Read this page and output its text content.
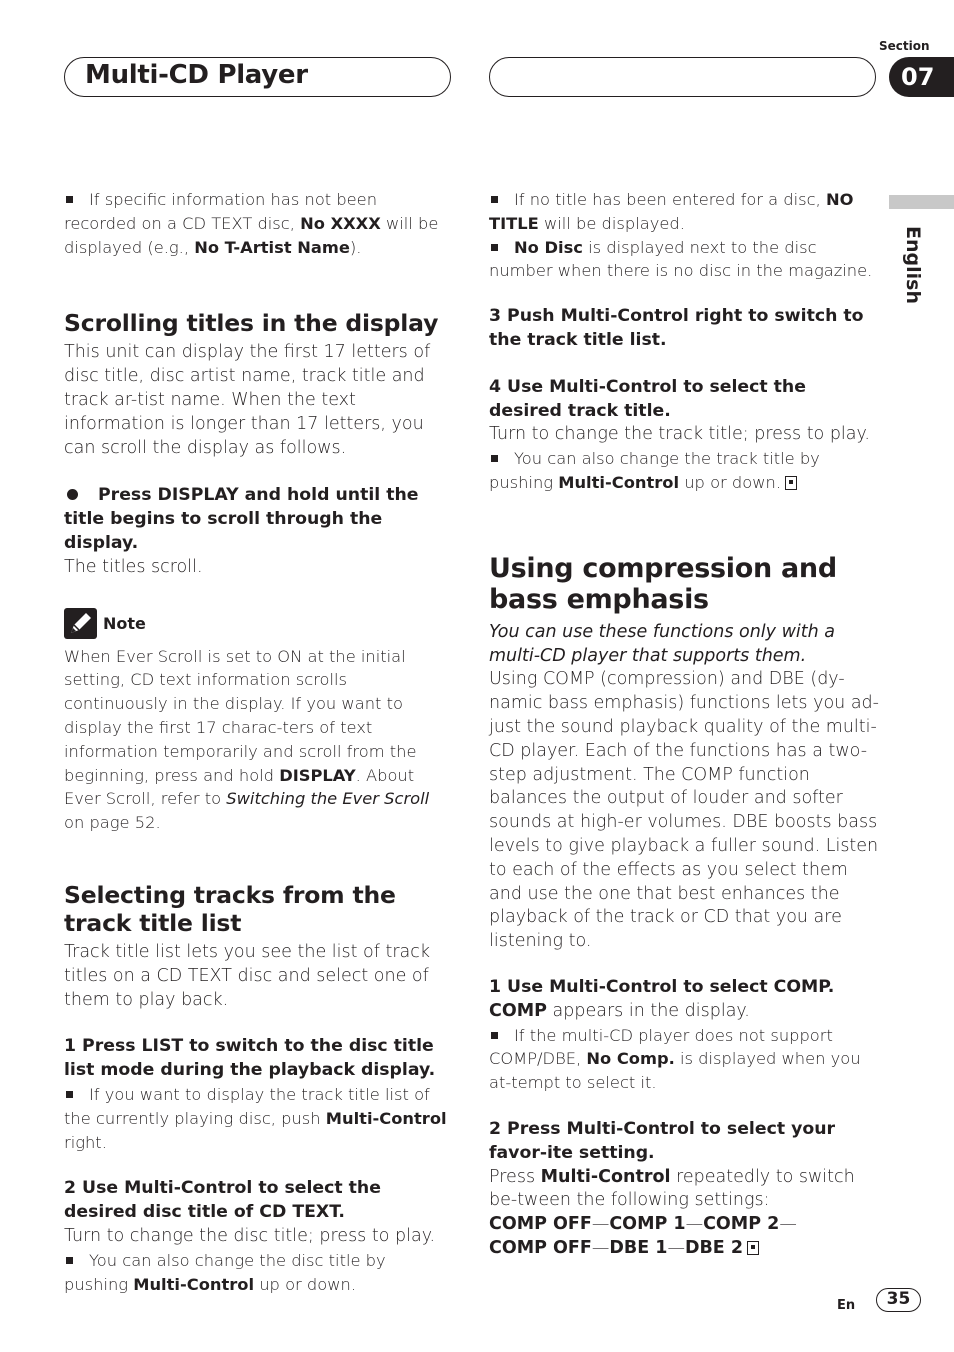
Multi-CD Player
Section
07
English

If specific information has not been recorded on a CD TEXT disc, No XXXX will be displayed (e.g., No T-Artist Name).

Scrolling titles in the display

This unit can display the first 17 letters of disc title, disc artist name, track title and track ar-tist name. When the text information is longer than 17 letters, you can scroll the display as follows.

Press DISPLAY and hold until the title begins to scroll through the display.

The titles scroll.

Note

When Ever Scroll is set to ON at the initial setting, CD text information scrolls continuously in the display. If you want to display the first 17 charac-ters of text information temporarily and scroll from the beginning, press and hold DISPLAY. About Ever Scroll, refer to Switching the Ever Scroll on page 52.

Selecting tracks from the track title list

Track title list lets you see the list of track titles on a CD TEXT disc and select one of them to play back.

1 Press LIST to switch to the disc title list mode during the playback display.

If you want to display the track title list of the currently playing disc, push Multi-Control right.

2 Use Multi-Control to select the desired disc title of CD TEXT.

Turn to change the disc title; press to play.

You can also change the disc title by pushing Multi-Control up or down.

If no title has been entered for a disc, NO TITLE will be displayed.

No Disc is displayed next to the disc number when there is no disc in the magazine.

3 Push Multi-Control right to switch to the track title list.

4 Use Multi-Control to select the desired track title.

Turn to change the track title; press to play.

You can also change the track title by pushing Multi-Control up or down.

Using compression and bass emphasis

You can use these functions only with a multi-CD player that supports them.

Using COMP (compression) and DBE (dy-namic bass emphasis) functions lets you ad-just the sound playback quality of the multi-CD player. Each of the functions has a two-step adjustment. The COMP function balances the output of louder and softer sounds at high-er volumes. DBE boosts bass levels to give playback a fuller sound. Listen to each of the effects as you select them and use the one that best enhances the playback of the track or CD that you are listening to.

1 Use Multi-Control to select COMP.

COMP appears in the display.

If the multi-CD player does not support COMP/DBE, No Comp. is displayed when you at-tempt to select it.

2 Press Multi-Control to select your favor-ite setting.

Press Multi-Control repeatedly to switch be-tween the following settings:

COMP OFF—COMP 1—COMP 2—

COMP OFF—DBE 1—DBE 2

En	35
